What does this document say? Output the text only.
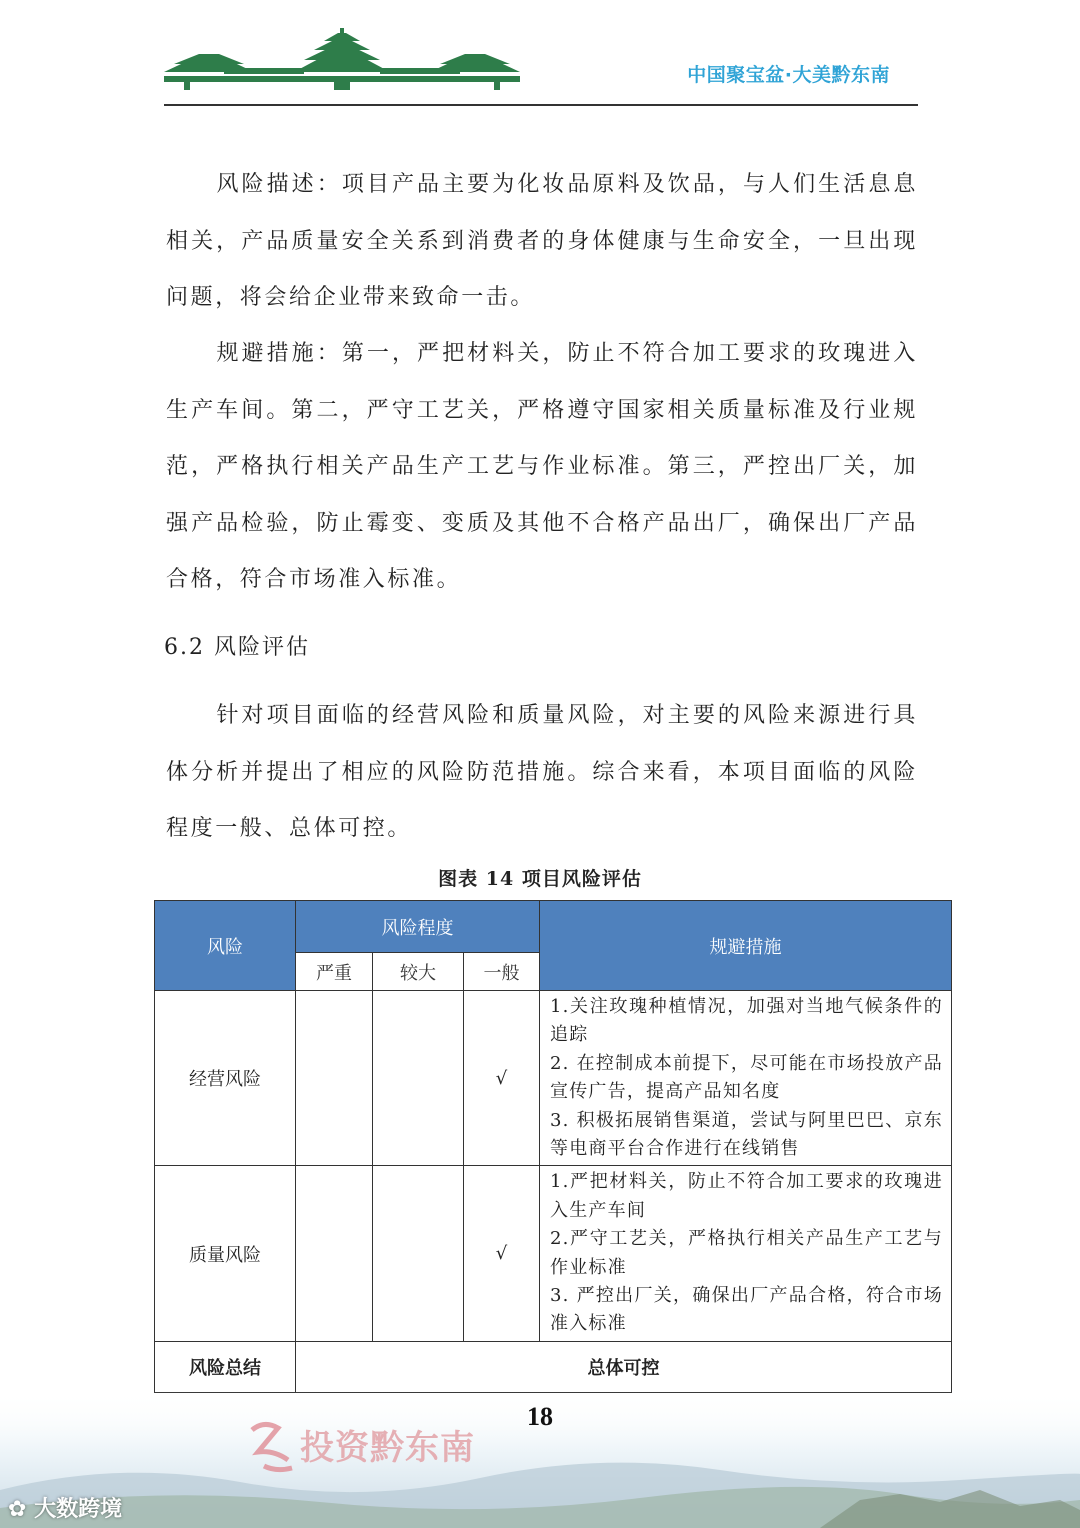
中国聚宝盆·大美黔东南

风险描述：项目产品主要为化妆品原料及饮品，与人们生活息息相关，产品质量安全关系到消费者的身体健康与生命安全，一旦出现问题，将会给企业带来致命一击。

规避措施：第一，严把材料关，防止不符合加工要求的玫瑰进入生产车间。第二，严守工艺关，严格遵守国家相关质量标准及行业规范，严格执行相关产品生产工艺与作业标准。第三，严控出厂关，加强产品检验，防止霉变、变质及其他不合格产品出厂，确保出厂产品合格，符合市场准入标准。

6.2 风险评估

针对项目面临的经营风险和质量风险，对主要的风险来源进行具体分析并提出了相应的风险防范措施。综合来看，本项目面临的风险程度一般、总体可控。

图表 14 项目风险评估
风险	风险程度			规避措施
	严重	较大	一般	
经营风险			√	1.关注玫瑰种植情况，加强对当地气候条件的追踪
2. 在控制成本前提下，尽可能在市场投放产品宣传广告，提高产品知名度
3. 积极拓展销售渠道，尝试与阿里巴巴、京东等电商平台合作进行在线销售

质量风险			√	1.严把材料关，防止不符合加工要求的玫瑰进入生产车间
2.严守工艺关，严格执行相关产品生产工艺与作业标准
3. 严控出厂关，确保出厂产品合格，符合市场准入标准

风险总结	总体可控			
投资黔东南
18
✿ 大数跨境
